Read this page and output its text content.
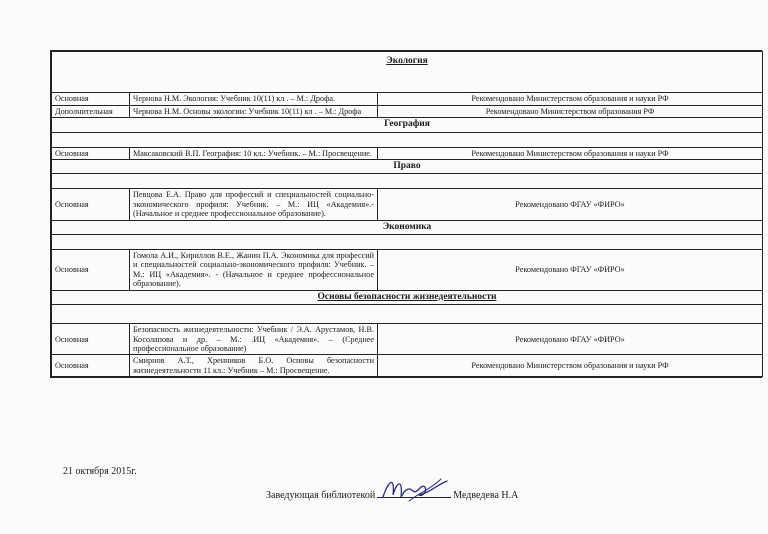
Экология		
Основная	Чернова Н.М. Экология: Учебник 10(11) кл . – М.: Дрофа.	Рекомендовано Министерством образования и науки РФ
Дополнительная	Чернова Н.М. Основы экологии: Учебник 10(11) кл . – М.: Дрофа	Рекомендовано Министерством образования РФ
География		

Основная	Максаковский В.П. География: 10 кл.: Учебник. – М.: Просвещение.	Рекомендовано Министерством образования и науки РФ
Право		

Основная	Певцова Е.А. Право для профессий и специальностей социально-экономического профиля: Учебник. – М.: ИЦ «Академия».- (Начальное и среднее профессиональное образование).	Рекомендовано ФГАУ «ФИРО»
Экономика		

Основная	Гомола А.И., Кириллов В.Е., Жанин П.А. Экономика для профессий и специальностей социально-экономического профиля: Учебник. – М.: ИЦ «Академия». - (Начальное и среднее профессиональное образование).	Рекомендовано ФГАУ «ФИРО»
Основы безопасности жизнедеятельности		

Основная	Безопасность жизнедеятельности: Учебник / Э.А. Арустамов, Н.В. Косолапова и др. – М.: .ИЦ «Академия». – (Среднее профессиональное образование)	Рекомендовано ФГАУ «ФИРО»
Основная	Смирнов А.Т., Хренников Б.О. Основы безопасности жизнедеятельности 11 кл.: Учебник – М.: Просвещение.	Рекомендовано Министерством образования и науки РФ
21 октября 2015г.
Заведующая библиотекой	Медведева Н.А
